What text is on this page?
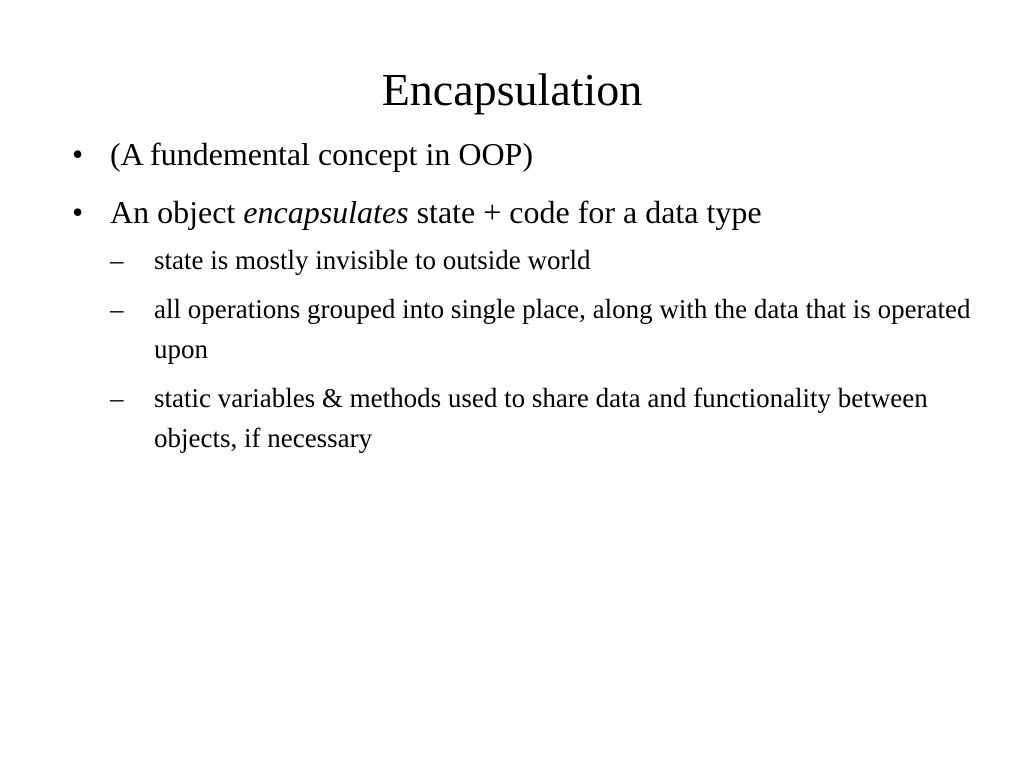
Encapsulation
• (A fundemental concept in OOP)
• An object encapsulates state + code for a data type
– state is mostly invisible to outside world
– all operations grouped into single place, along with the data that is operated upon
– static variables & methods used to share data and functionality between objects, if necessary
